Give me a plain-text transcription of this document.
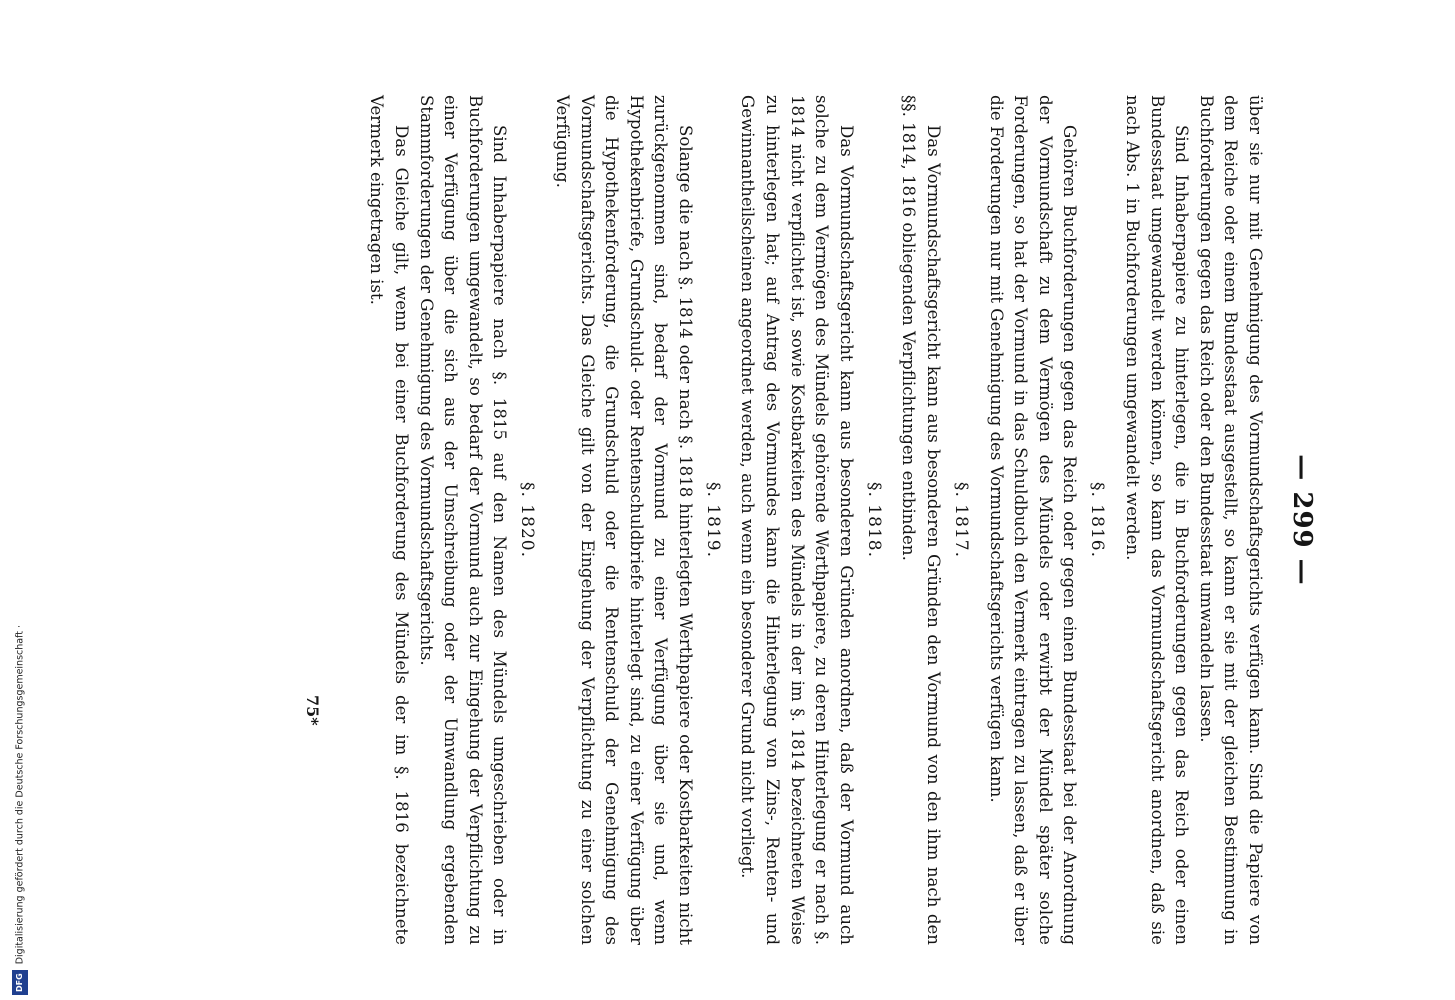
— 299 —

über sie nur mit Genehmigung des Vormundschaftsgerichts verfügen kann. Sind die Papiere von dem Reiche oder einem Bundesstaat ausgestellt, so kann er sie mit der gleichen Bestimmung in Buchforderungen gegen das Reich oder den Bundesstaat umwandeln lassen.

Sind Inhaberpapiere zu hinterlegen, die in Buchforderungen gegen das Reich oder einen Bundesstaat umgewandelt werden können, so kann das Vormundschaftsgericht anordnen, daß sie nach Abs. 1 in Buchforderungen umgewandelt werden.

§. 1816.

Gehören Buchforderungen gegen das Reich oder gegen einen Bundesstaat bei der Anordnung der Vormundschaft zu dem Vermögen des Mündels oder erwirbt der Mündel später solche Forderungen, so hat der Vormund in das Schuldbuch den Vermerk eintragen zu lassen, daß er über die Forderungen nur mit Genehmigung des Vormundschaftsgerichts verfügen kann.

§. 1817.

Das Vormundschaftsgericht kann aus besonderen Gründen den Vormund von den ihm nach den §§. 1814, 1816 obliegenden Verpflichtungen entbinden.

§. 1818.

Das Vormundschaftsgericht kann aus besonderen Gründen anordnen, daß der Vormund auch solche zu dem Vermögen des Mündels gehörende Werthpapiere, zu deren Hinterlegung er nach §. 1814 nicht verpflichtet ist, sowie Kostbarkeiten des Mündels in der im §. 1814 bezeichneten Weise zu hinterlegen hat; auf Antrag des Vormundes kann die Hinterlegung von Zins-, Renten- und Gewinnantheilscheinen angeordnet werden, auch wenn ein besonderer Grund nicht vorliegt.

§. 1819.

Solange die nach §. 1814 oder nach §. 1818 hinterlegten Werthpapiere oder Kostbarkeiten nicht zurückgenommen sind, bedarf der Vormund zu einer Verfügung über sie und, wenn Hypothekenbriefe, Grundschuld- oder Rentenschuldbriefe hinterlegt sind, zu einer Verfügung über die Hypothekenforderung, die Grundschuld oder die Rentenschuld der Genehmigung des Vormundschaftsgerichts. Das Gleiche gilt von der Eingehung der Verpflichtung zu einer solchen Verfügung.

§. 1820.

Sind Inhaberpapiere nach §. 1815 auf den Namen des Mündels umgeschrieben oder in Buchforderungen umgewandelt, so bedarf der Vormund auch zur Eingehung der Verpflichtung zu einer Verfügung über die sich aus der Umschreibung oder der Umwandlung ergebenden Stammforderungen der Genehmigung des Vormundschaftsgerichts.

Das Gleiche gilt, wenn bei einer Buchforderung des Mündels der im §. 1816 bezeichnete Vermerk eingetragen ist.

75*
DFG Digitalisierung gefördert durch die Deutsche Forschungsgemeinschaft ·
